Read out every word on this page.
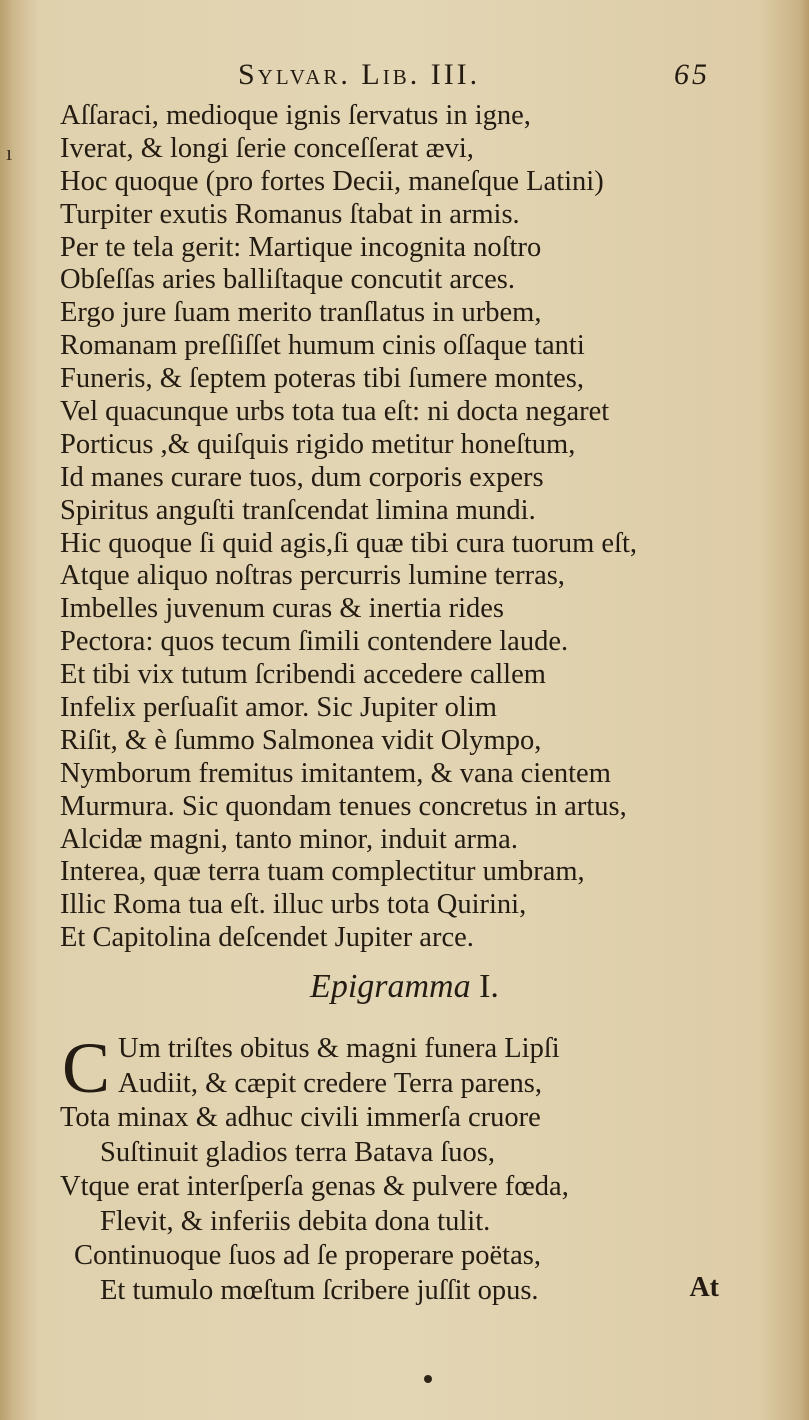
ı
Sylvar. Lib. III.	65
Aſſaraci, medioque ignis ſervatus in igne,
Iverat, & longi ſerie conceſſerat ævi,
Hoc quoque (pro fortes Decii, maneſque Latini)
Turpiter exutis Romanus ſtabat in armis.
Per te tela gerit: Martique incognita noſtro
Obſeſſas aries balliſtaque concutit arces.
Ergo jure ſuam merito tranſlatus in urbem,
Romanam preſſiſſet humum cinis oſſaque tanti
Funeris, & ſeptem poteras tibi ſumere montes,
Vel quacunque urbs tota tua eſt: ni docta negaret
Porticus ,& quiſquis rigido metitur honeſtum,
Id manes curare tuos, dum corporis expers
Spiritus anguſti tranſcendat limina mundi.
Hic quoque ſi quid agis,ſi quæ tibi cura tuorum eſt,
Atque aliquo noſtras percurris lumine terras,
Imbelles juvenum curas & inertia rides
Pectora: quos tecum ſimili contendere laude.
Et tibi vix tutum ſcribendi accedere callem
Infelix perſuaſit amor. Sic Jupiter olim
Riſit, & è ſummo Salmonea vidit Olympo,
Nymborum fremitus imitantem, & vana cientem
Murmura. Sic quondam tenues concretus in artus,
Alcidæ magni, tanto minor, induit arma.
Interea, quæ terra tuam complectitur umbram,
Illic Roma tua eſt. illuc urbs tota Quirini,
Et Capitolina deſcendet Jupiter arce.
Epigramma I.
C Um triſtes obitus & magni funera Lipſi
Audiit, & cæpit credere Terra parens,
Tota minax & adhuc civili immerſa cruore
Suſtinuit gladios terra Batava ſuos,
Vtque erat interſperſa genas & pulvere fœda,
Flevit, & inferiis debita dona tulit.
Continuoque ſuos ad ſe properare poëtas,
Et tumulo mœſtum ſcribere juſſit opus.	At
